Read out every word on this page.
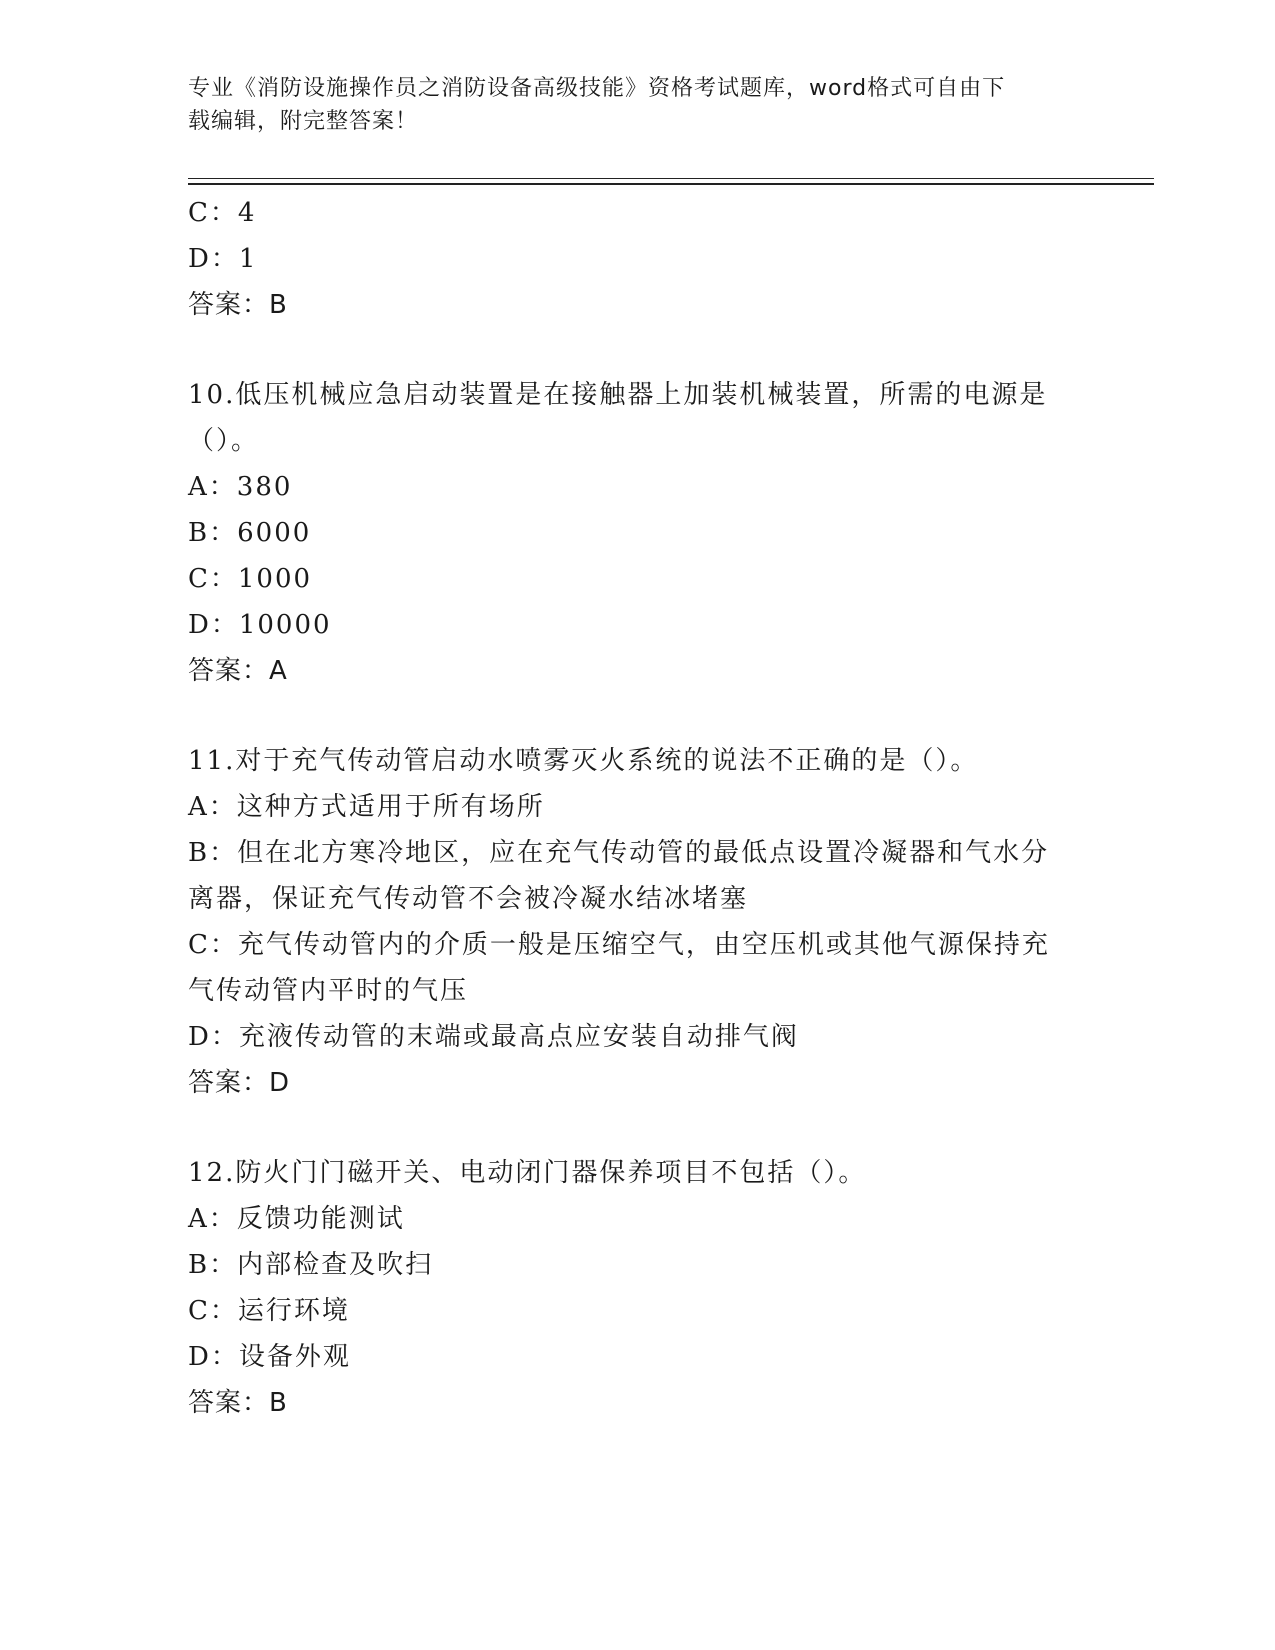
专业《消防设施操作员之消防设备高级技能》资格考试题库，word格式可自由下
载编辑，附完整答案！
C：4
D：1
答案：B
10.低压机械应急启动装置是在接触器上加装机械装置，所需的电源是
（）。
A：380
B：6000
C：1000
D：10000
答案：A
11.对于充气传动管启动水喷雾灭火系统的说法不正确的是（）。
A：这种方式适用于所有场所
B：但在北方寒冷地区，应在充气传动管的最低点设置冷凝器和气水分
离器，保证充气传动管不会被冷凝水结冰堵塞
C：充气传动管内的介质一般是压缩空气，由空压机或其他气源保持充
气传动管内平时的气压
D：充液传动管的末端或最高点应安装自动排气阀
答案：D
12.防火门门磁开关、电动闭门器保养项目不包括（）。
A：反馈功能测试
B：内部检查及吹扫
C：运行环境
D：设备外观
答案：B
